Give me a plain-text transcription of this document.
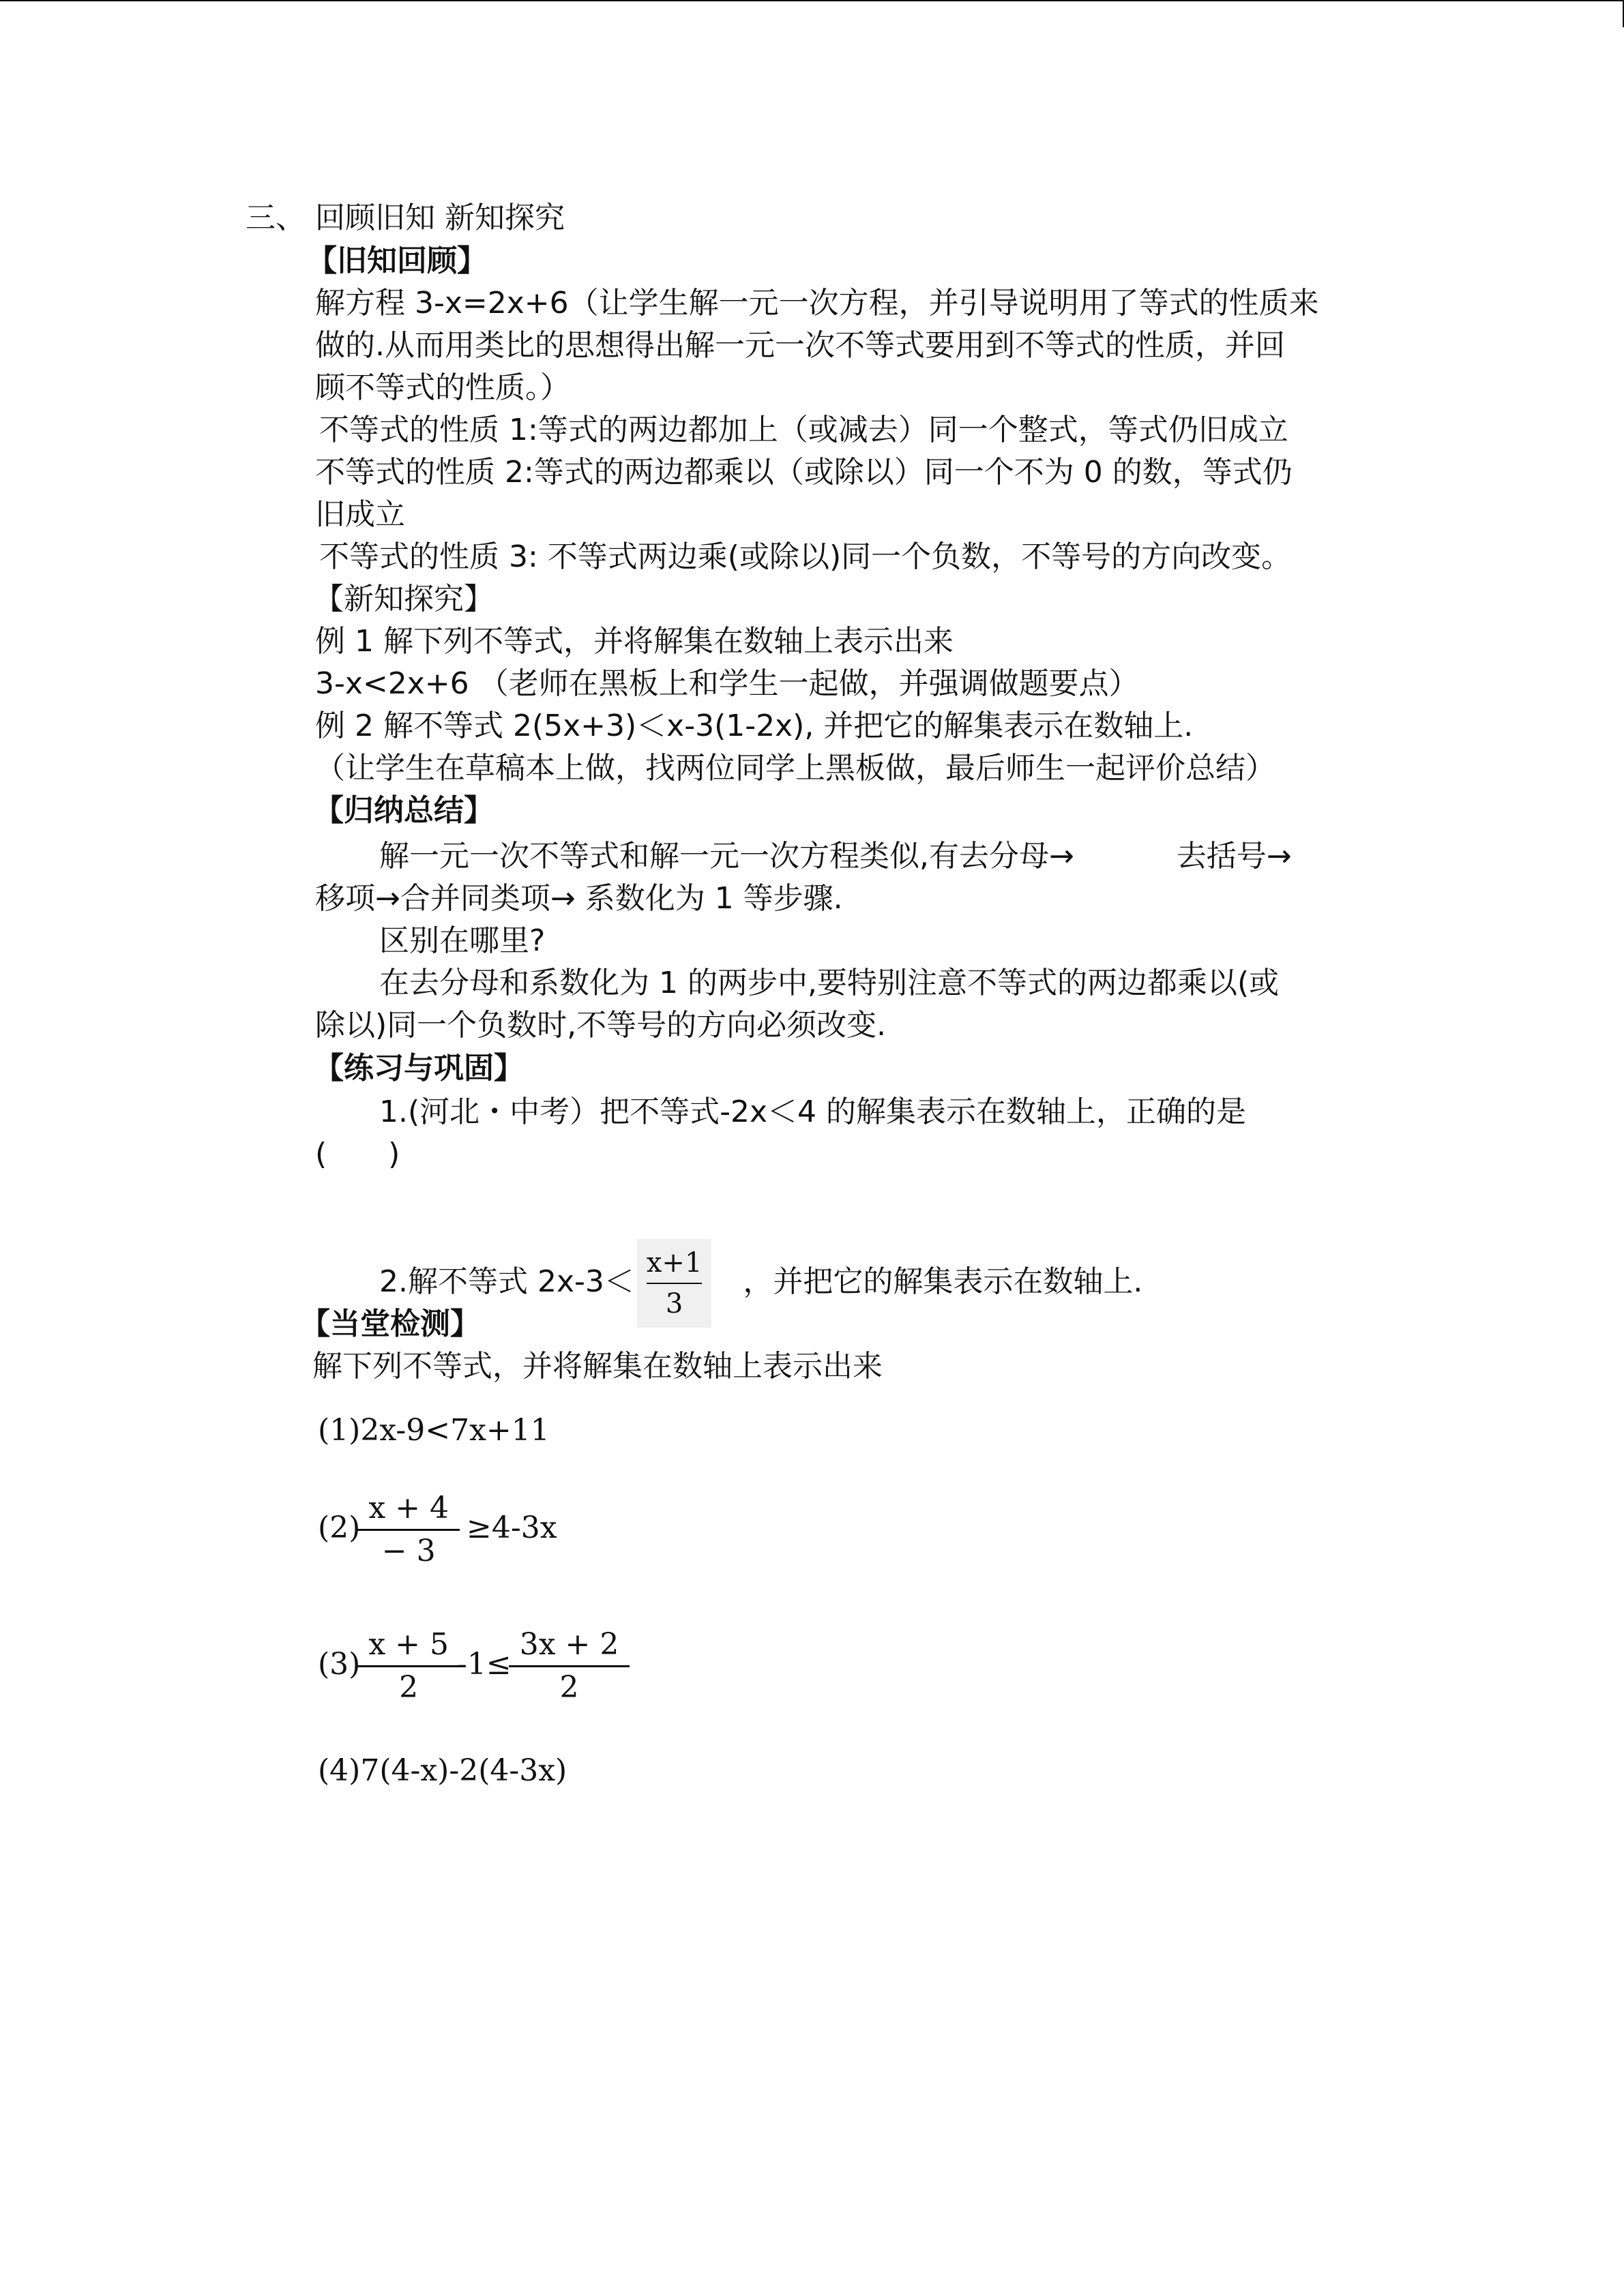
三、 回顾旧知 新知探究
【旧知回顾】
解方程 3-x=2x+6（让学生解一元一次方程，并引导说明用了等式的性质来
做的.从而用类比的思想得出解一元一次不等式要用到不等式的性质，并回
顾不等式的性质。）
不等式的性质 1:等式的两边都加上（或减去）同一个整式，等式仍旧成立
不等式的性质 2:等式的两边都乘以（或除以）同一个不为 0 的数，等式仍
旧成立
不等式的性质 3: 不等式两边乘(或除以)同一个负数，不等号的方向改变。
【新知探究】
例 1 解下列不等式，并将解集在数轴上表示出来
3-x<2x+6 （老师在黑板上和学生一起做，并强调做题要点）
例 2 解不等式 2(5x+3)＜x-3(1-2x), 并把它的解集表示在数轴上.
（让学生在草稿本上做，找两位同学上黑板做，最后师生一起评价总结）
【归纳总结】
解一元一次不等式和解一元一次方程类似,有去分母→	去括号→
移项→合并同类项→ 系数化为 1 等步骤.
区别在哪里?
在去分母和系数化为 1 的两步中,要特别注意不等式的两边都乘以(或
除以)同一个负数时,不等号的方向必须改变.
【练习与巩固】
1.(河北・中考）把不等式-2x＜4 的解集表示在数轴上，正确的是
( )
2.解不等式 $2x-3< \frac{x+1}{3}$ ，并把它的解集表示在数轴上.
【当堂检测】
解下列不等式，并将解集在数轴上表示出来
(1)2x-9<7x+11
$(2) \frac{x + 4}{- 3} \ge 4-3x$
$(3) \frac{x + 5}{2} -1\le \frac{3x + 2}{2}$
(4)7(4-x)-2(4-3x)
